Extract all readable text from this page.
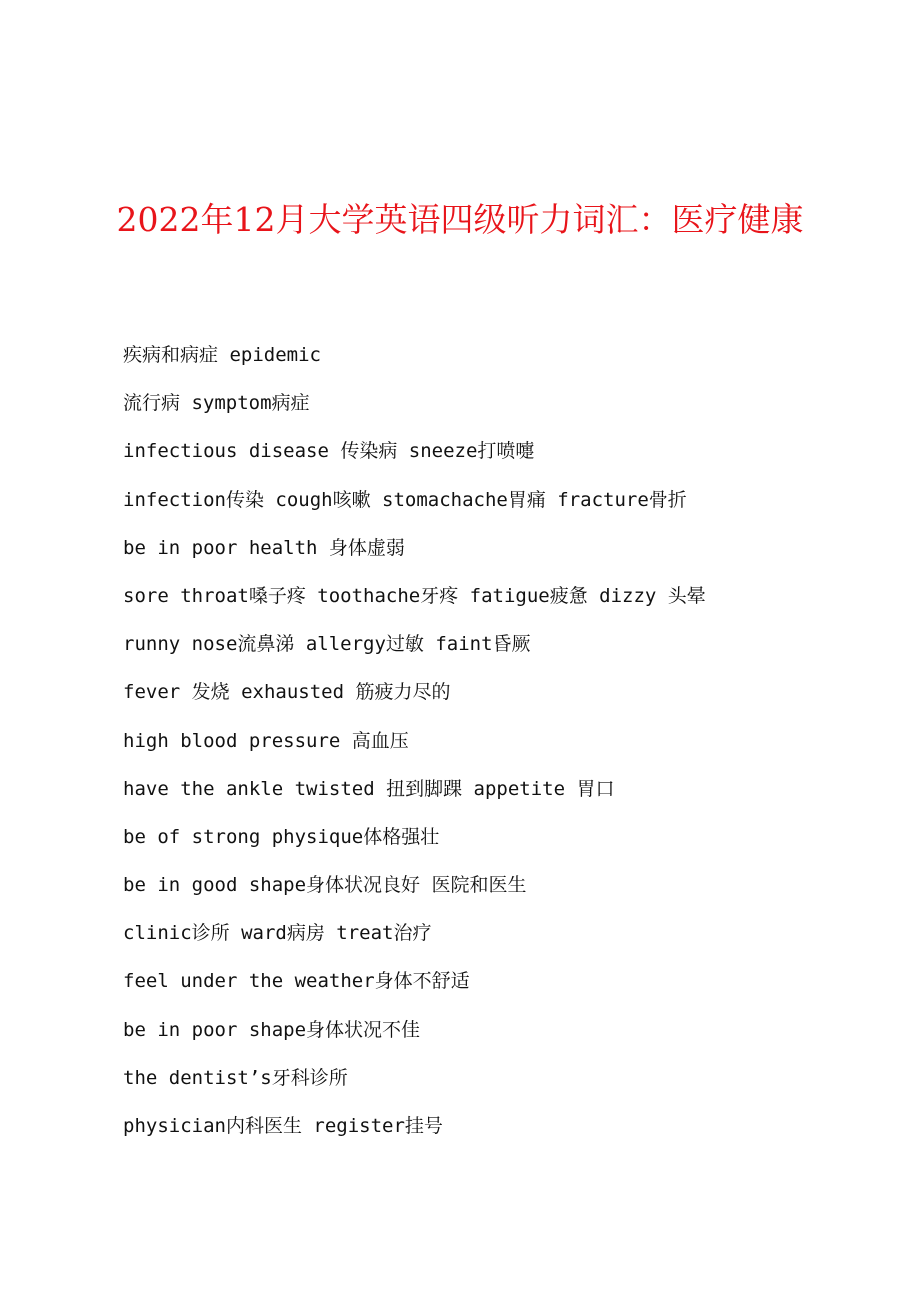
2022年12月大学英语四级听力词汇：医疗健康
疾病和病症 epidemic
流行病 symptom病症
infectious disease 传染病 sneeze打喷嚏
infection传染 cough咳嗽 stomachache胃痛 fracture骨折
be in poor health 身体虚弱
sore throat嗓子疼 toothache牙疼 fatigue疲惫 dizzy 头晕
runny nose流鼻涕 allergy过敏 faint昏厥
fever 发烧 exhausted 筋疲力尽的
high blood pressure 高血压
have the ankle twisted 扭到脚踝 appetite 胃口
be of strong physique体格强壮
be in good shape身体状况良好 医院和医生
clinic诊所 ward病房 treat治疗
feel under the weather身体不舒适
be in poor shape身体状况不佳
the dentist’s牙科诊所
physician内科医生 register挂号
